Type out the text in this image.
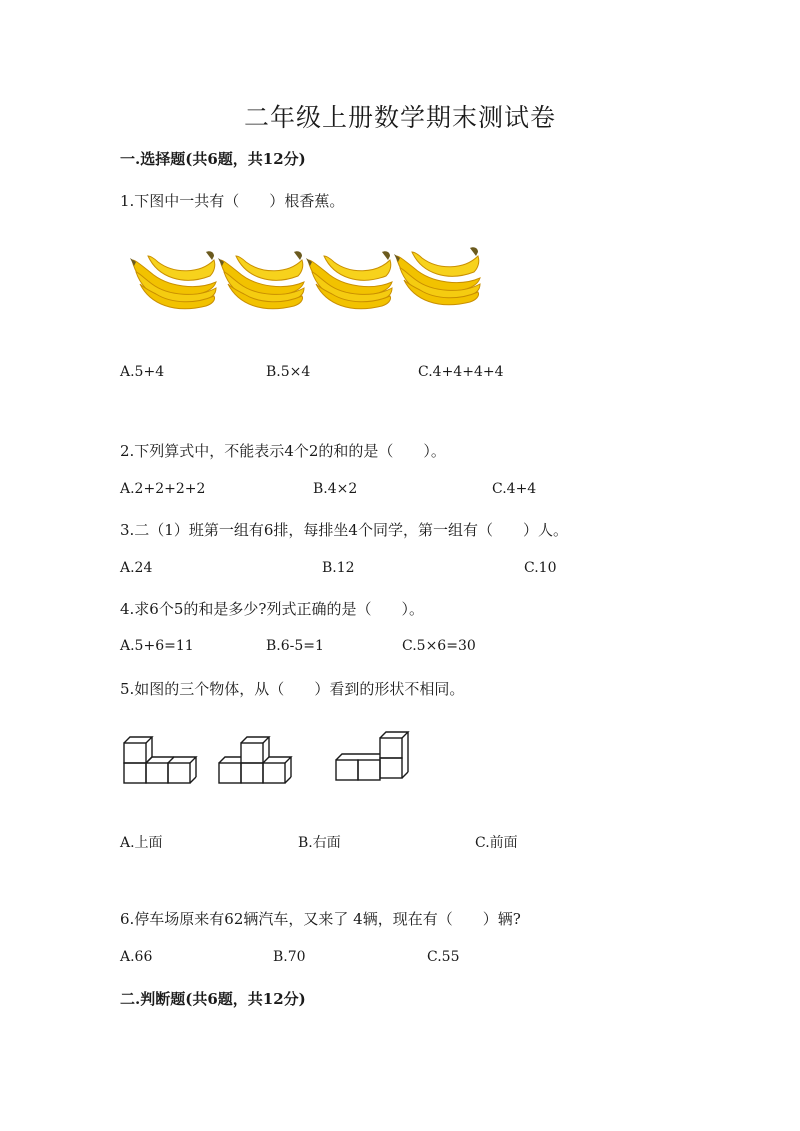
二年级上册数学期末测试卷
一.选择题(共6题，共12分)
1.下图中一共有（　　）根香蕉。
A.5+4	B.5×4	C.4+4+4+4
2.下列算式中，不能表示4个2的和的是（　　）。
A.2+2+2+2	B.4×2	C.4+4
3.二（1）班第一组有6排，每排坐4个同学，第一组有（　　）人。
A.24	B.12	C.10
4.求6个5的和是多少?列式正确的是（　　）。
A.5+6=11	B.6-5=1	C.5×6=30
5.如图的三个物体，从（　　）看到的形状不相同。
A.上面	B.右面	C.前面
6.停车场原来有62辆汽车，又来了 4辆，现在有（　　）辆?
A.66	B.70	C.55
二.判断题(共6题，共12分)
